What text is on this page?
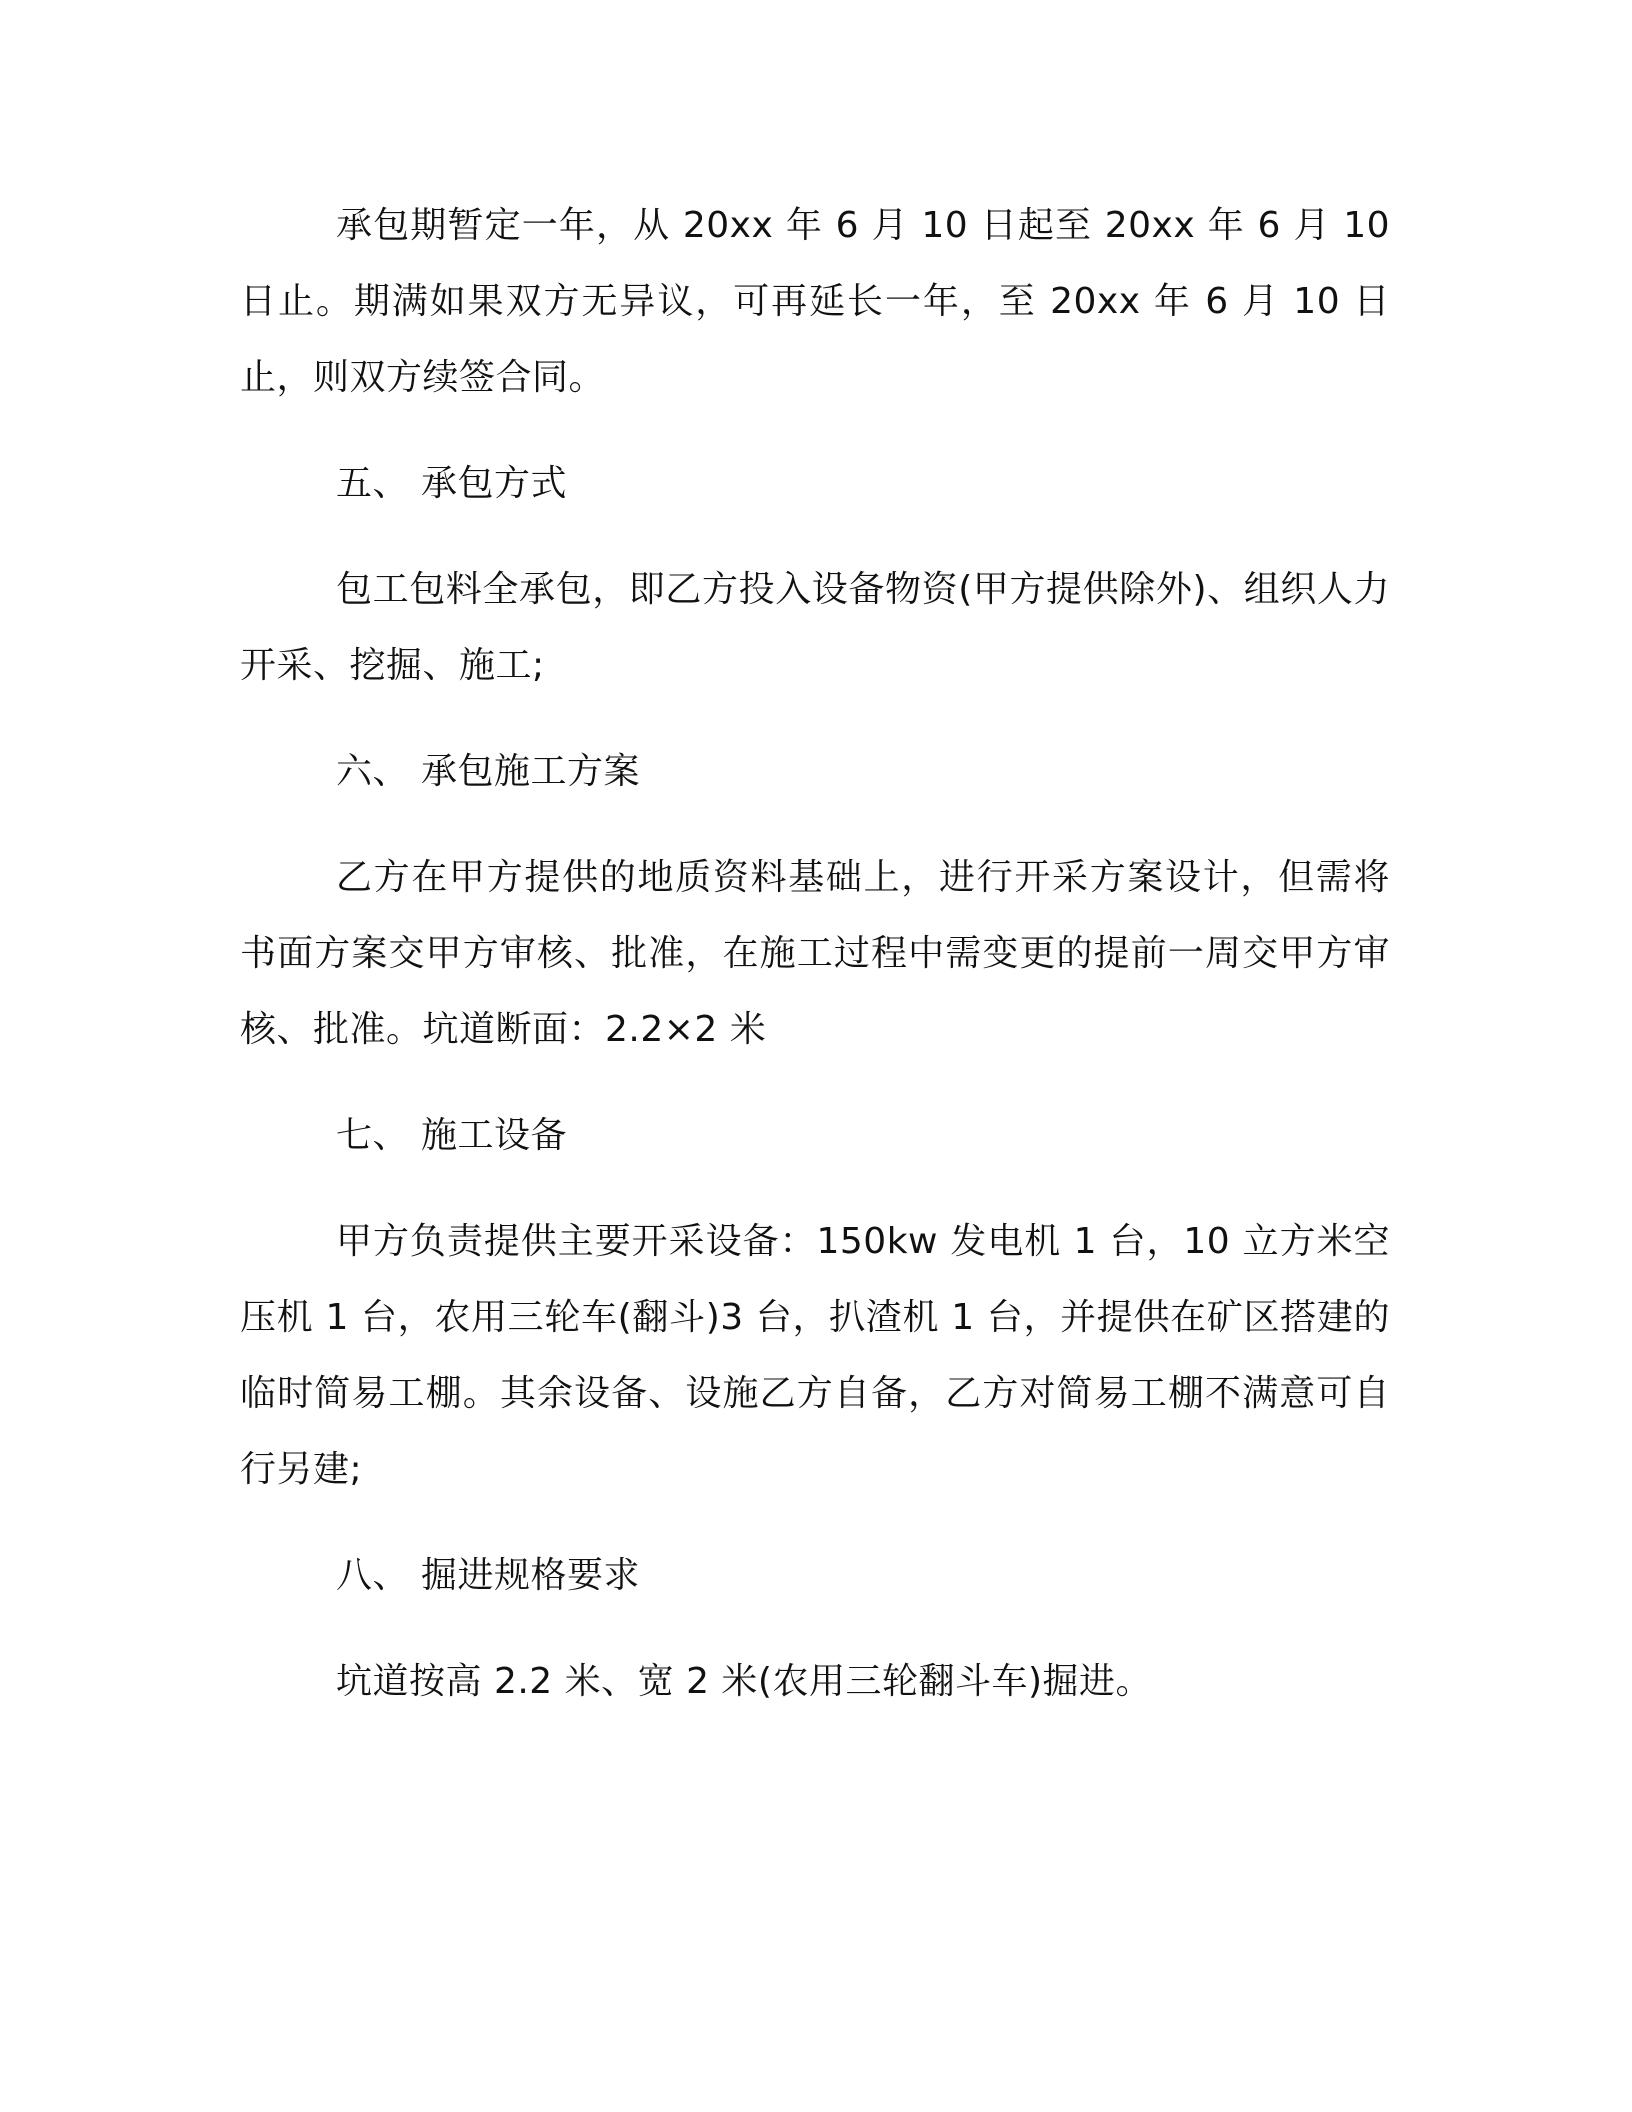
承包期暂定一年，从 20xx 年 6 月 10 日起至 20xx 年 6 月 10 日止。期满如果双方无异议，可再延长一年，至 20xx 年 6 月 10 日止，则双方续签合同。

五、 承包方式

包工包料全承包，即乙方投入设备物资(甲方提供除外)、组织人力开采、挖掘、施工;

六、 承包施工方案

乙方在甲方提供的地质资料基础上，进行开采方案设计，但需将书面方案交甲方审核、批准，在施工过程中需变更的提前一周交甲方审核、批准。坑道断面：2.2×2 米

七、 施工设备

甲方负责提供主要开采设备：150kw 发电机 1 台，10 立方米空压机 1 台，农用三轮车(翻斗)3 台，扒渣机 1 台，并提供在矿区搭建的临时简易工棚。其余设备、设施乙方自备，乙方对简易工棚不满意可自行另建;

八、 掘进规格要求

坑道按高 2.2 米、宽 2 米(农用三轮翻斗车)掘进。
